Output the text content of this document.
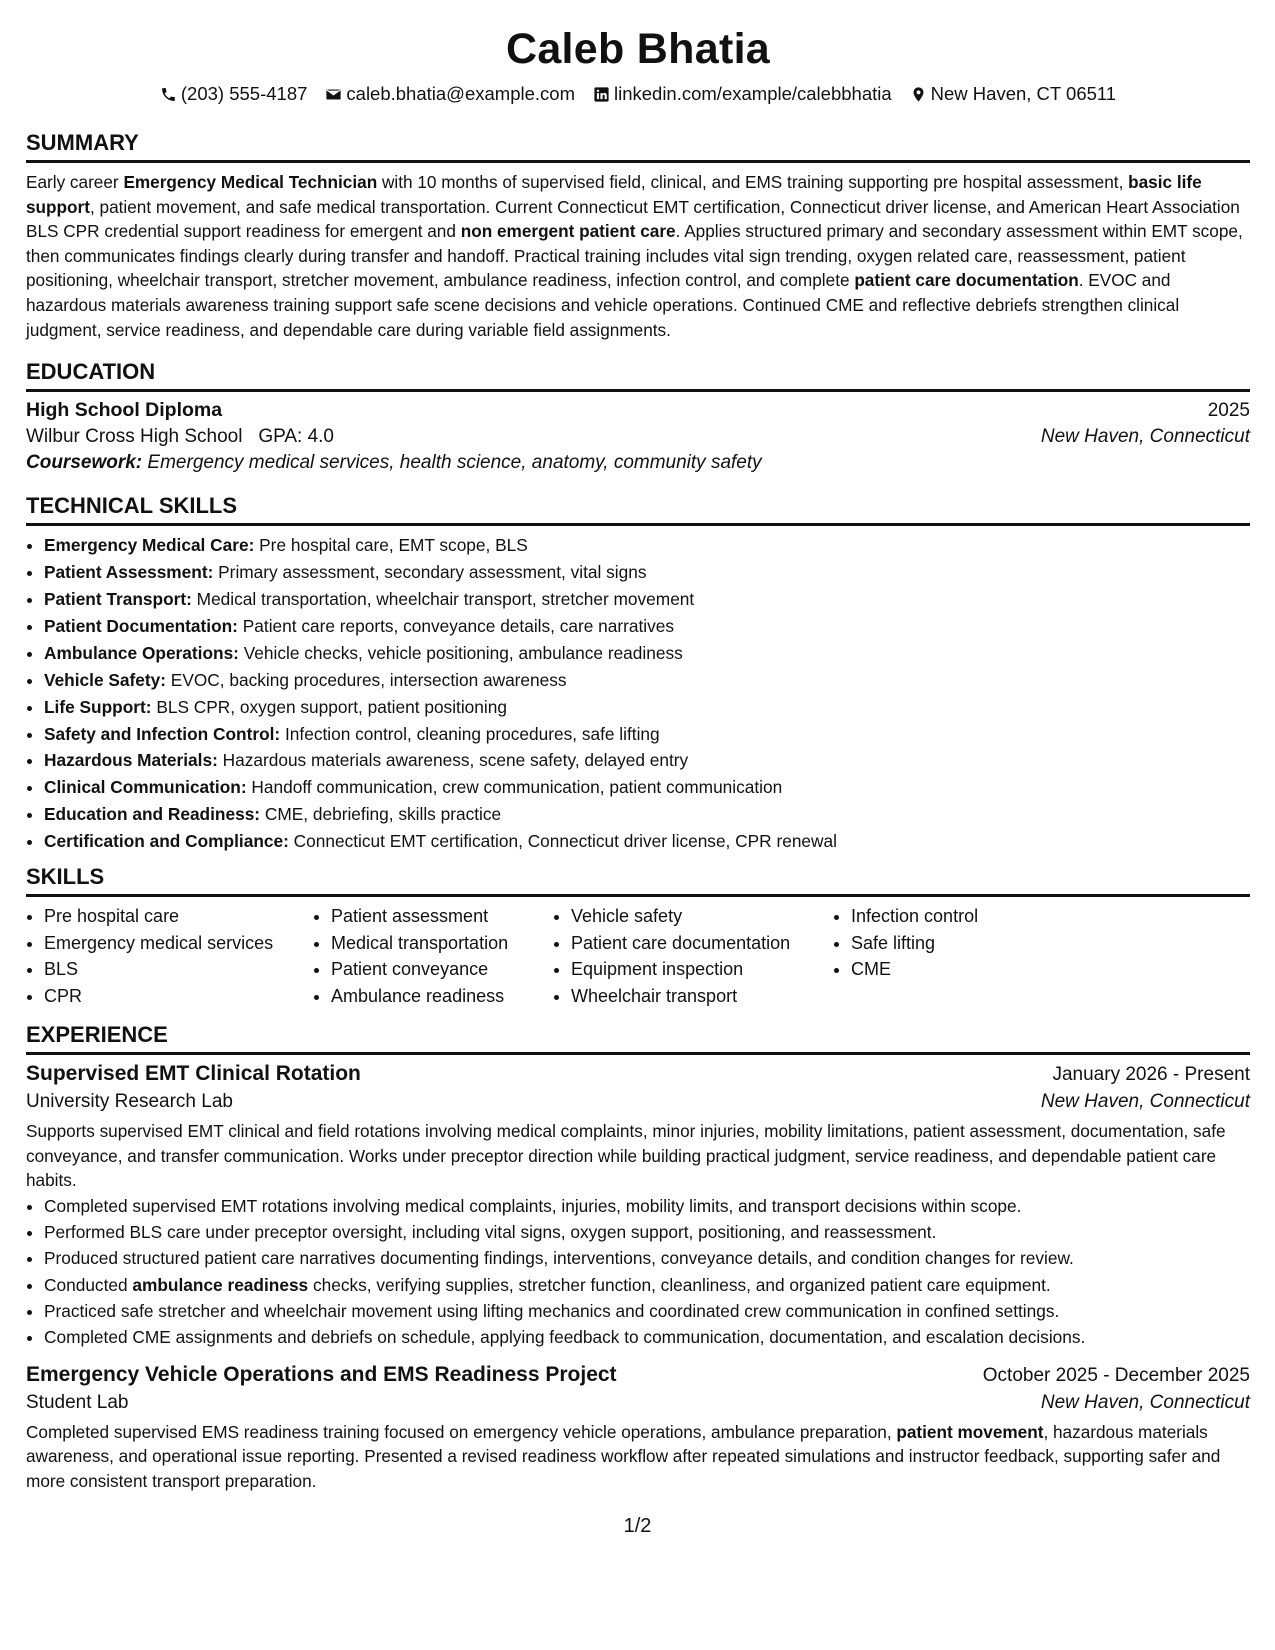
Caleb Bhatia
(203) 555-4187 caleb.bhatia@example.com linkedin.com/example/calebbhatia New Haven, CT 06511
SUMMARY

Early career Emergency Medical Technician with 10 months of supervised field, clinical, and EMS training supporting pre hospital assessment, basic life support, patient movement, and safe medical transportation. Current Connecticut EMT certification, Connecticut driver license, and American Heart Association BLS CPR credential support readiness for emergent and non emergent patient care. Applies structured primary and secondary assessment within EMT scope, then communicates findings clearly during transfer and handoff. Practical training includes vital sign trending, oxygen related care, reassessment, patient positioning, wheelchair transport, stretcher movement, ambulance readiness, infection control, and complete patient care documentation. EVOC and hazardous materials awareness training support safe scene decisions and vehicle operations. Continued CME and reflective debriefs strengthen clinical judgment, service readiness, and dependable care during variable field assignments.

EDUCATION
High School Diploma	2025
Wilbur Cross High School GPA: 4.0	New Haven, Connecticut
Coursework: Emergency medical services, health science, anatomy, community safety
TECHNICAL SKILLS
• Emergency Medical Care: Pre hospital care, EMT scope, BLS
• Patient Assessment: Primary assessment, secondary assessment, vital signs
• Patient Transport: Medical transportation, wheelchair transport, stretcher movement
• Patient Documentation: Patient care reports, conveyance details, care narratives
• Ambulance Operations: Vehicle checks, vehicle positioning, ambulance readiness
• Vehicle Safety: EVOC, backing procedures, intersection awareness
• Life Support: BLS CPR, oxygen support, patient positioning
• Safety and Infection Control: Infection control, cleaning procedures, safe lifting
• Hazardous Materials: Hazardous materials awareness, scene safety, delayed entry
• Clinical Communication: Handoff communication, crew communication, patient communication
• Education and Readiness: CME, debriefing, skills practice
• Certification and Compliance: Connecticut EMT certification, Connecticut driver license, CPR renewal
SKILLS
• Pre hospital care
• Emergency medical services
• BLS
• CPR
• Patient assessment
• Medical transportation
• Patient conveyance
• Ambulance readiness
• Vehicle safety
• Patient care documentation
• Equipment inspection
• Wheelchair transport
• Infection control
• Safe lifting
• CME
EXPERIENCE
Supervised EMT Clinical Rotation	January 2026 - Present
University Research Lab	New Haven, Connecticut

Supports supervised EMT clinical and field rotations involving medical complaints, minor injuries, mobility limitations, patient assessment, documentation, safe conveyance, and transfer communication. Works under preceptor direction while building practical judgment, service readiness, and dependable patient care habits.

• Completed supervised EMT rotations involving medical complaints, injuries, mobility limits, and transport decisions within scope.
• Performed BLS care under preceptor oversight, including vital signs, oxygen support, positioning, and reassessment.
• Produced structured patient care narratives documenting findings, interventions, conveyance details, and condition changes for review.
• Conducted ambulance readiness checks, verifying supplies, stretcher function, cleanliness, and organized patient care equipment.
• Practiced safe stretcher and wheelchair movement using lifting mechanics and coordinated crew communication in confined settings.
• Completed CME assignments and debriefs on schedule, applying feedback to communication, documentation, and escalation decisions.
Emergency Vehicle Operations and EMS Readiness Project	October 2025 - December 2025
Student Lab	New Haven, Connecticut

Completed supervised EMS readiness training focused on emergency vehicle operations, ambulance preparation, patient movement, hazardous materials awareness, and operational issue reporting. Presented a revised readiness workflow after repeated simulations and instructor feedback, supporting safer and more consistent transport preparation.

1/2
